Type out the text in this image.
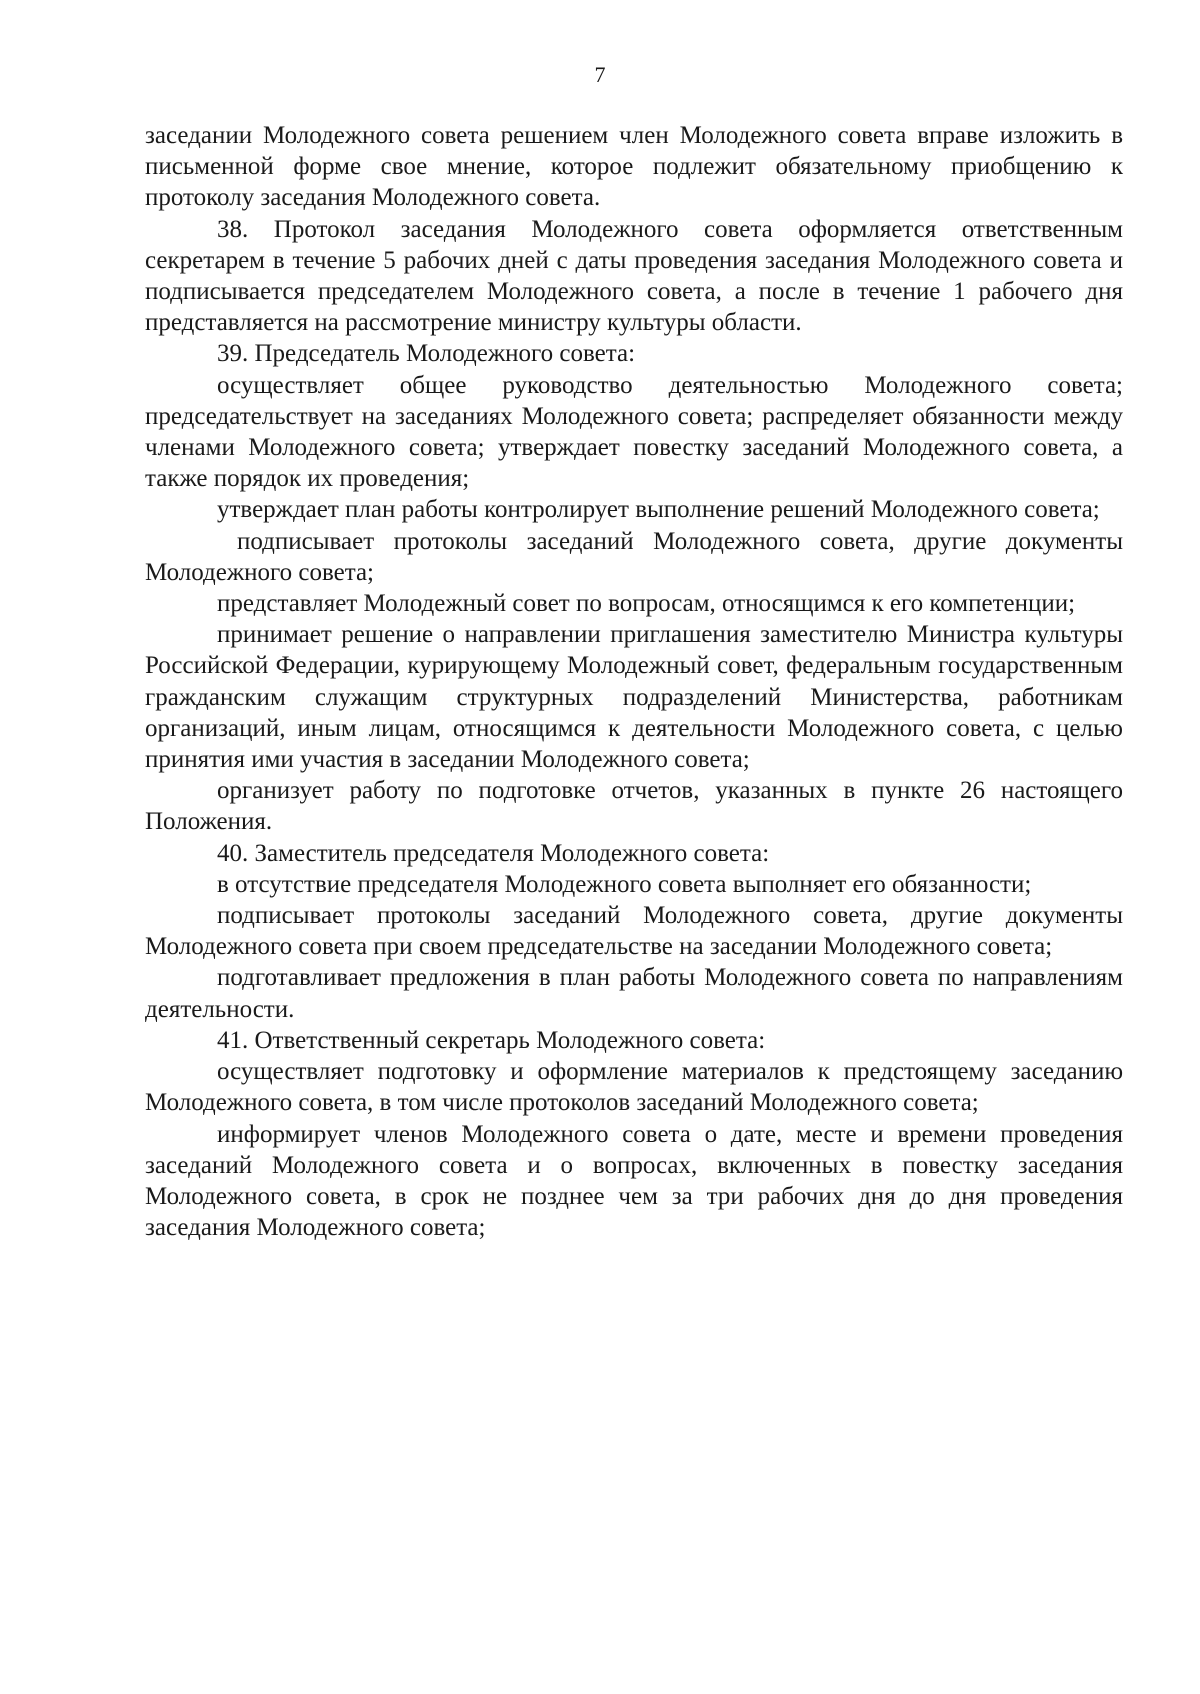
7

заседании Молодежного совета решением член Молодежного совета вправе изложить в письменной форме свое мнение, которое подлежит обязательному приобщению к протоколу заседания Молодежного совета.

38. Протокол заседания Молодежного совета оформляется ответственным секретарем в течение 5 рабочих дней с даты проведения заседания Молодежного совета и подписывается председателем Молодежного совета, а после в течение 1 рабочего дня представляется на рассмотрение министру культуры области.

39. Председатель Молодежного совета:

осуществляет общее руководство деятельностью Молодежного совета; председательствует на заседаниях Молодежного совета; распределяет обязанности между членами Молодежного совета; утверждает повестку заседаний Молодежного совета, а также порядок их проведения;

утверждает план работы контролирует выполнение решений Молодежного совета;

подписывает протоколы заседаний Молодежного совета, другие документы Молодежного совета;

представляет Молодежный совет по вопросам, относящимся к его компетенции;

принимает решение о направлении приглашения заместителю Министра культуры Российской Федерации, курирующему Молодежный совет, федеральным государственным гражданским служащим структурных подразделений Министерства, работникам организаций, иным лицам, относящимся к деятельности Молодежного совета, с целью принятия ими участия в заседании Молодежного совета;

организует работу по подготовке отчетов, указанных в пункте 26 настоящего

Положения.

40. Заместитель председателя Молодежного совета:

в отсутствие председателя Молодежного совета выполняет его обязанности;

подписывает протоколы заседаний Молодежного совета, другие документы Молодежного совета при своем председательстве на заседании Молодежного совета;

подготавливает предложения в план работы Молодежного совета по направлениям деятельности.

41. Ответственный секретарь Молодежного совета:

осуществляет подготовку и оформление материалов к предстоящему заседанию Молодежного совета, в том числе протоколов заседаний Молодежного совета;

информирует членов Молодежного совета о дате, месте и времени проведения заседаний Молодежного совета и о вопросах, включенных в повестку заседания Молодежного совета, в срок не позднее чем за три рабочих дня до дня проведения заседания Молодежного совета;
